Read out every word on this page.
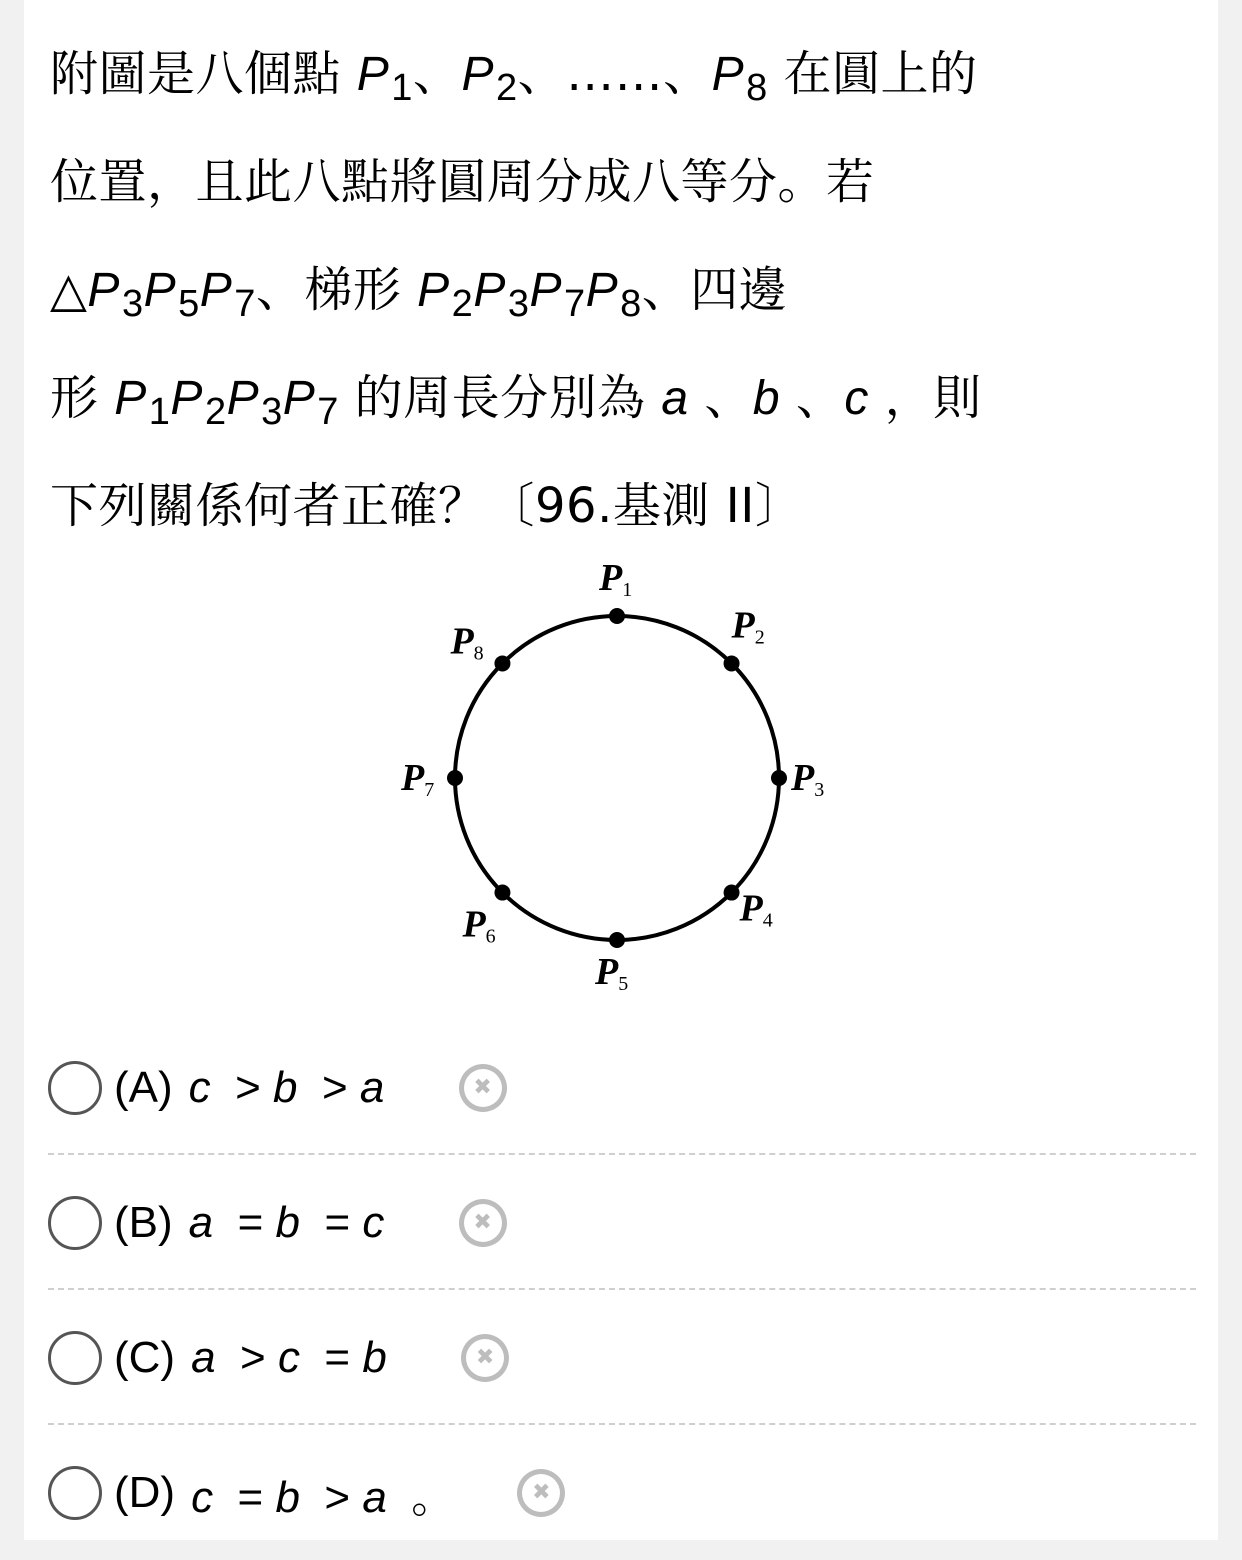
附圖是八個點 $P_1$、$P_2$、……、$P_8$ 在圓上的
位置，且此八點將圓周分成八等分。若
$\triangle P_3P_5P_7$、梯形 $P_2P_3P_7P_8$、四邊
形 $P_1P_2P_3P_7$ 的周長分別為 a 、b 、c ，則
下列關係何者正確？〔96.基測 II〕
P1
P2
P3
P4
P5
P6
P7
P8
(A) c  > b  > a
✖
(B) a  = b  = c
✖
(C) a  > c  = b
✖
(D) c  = b  > a  。
✖
